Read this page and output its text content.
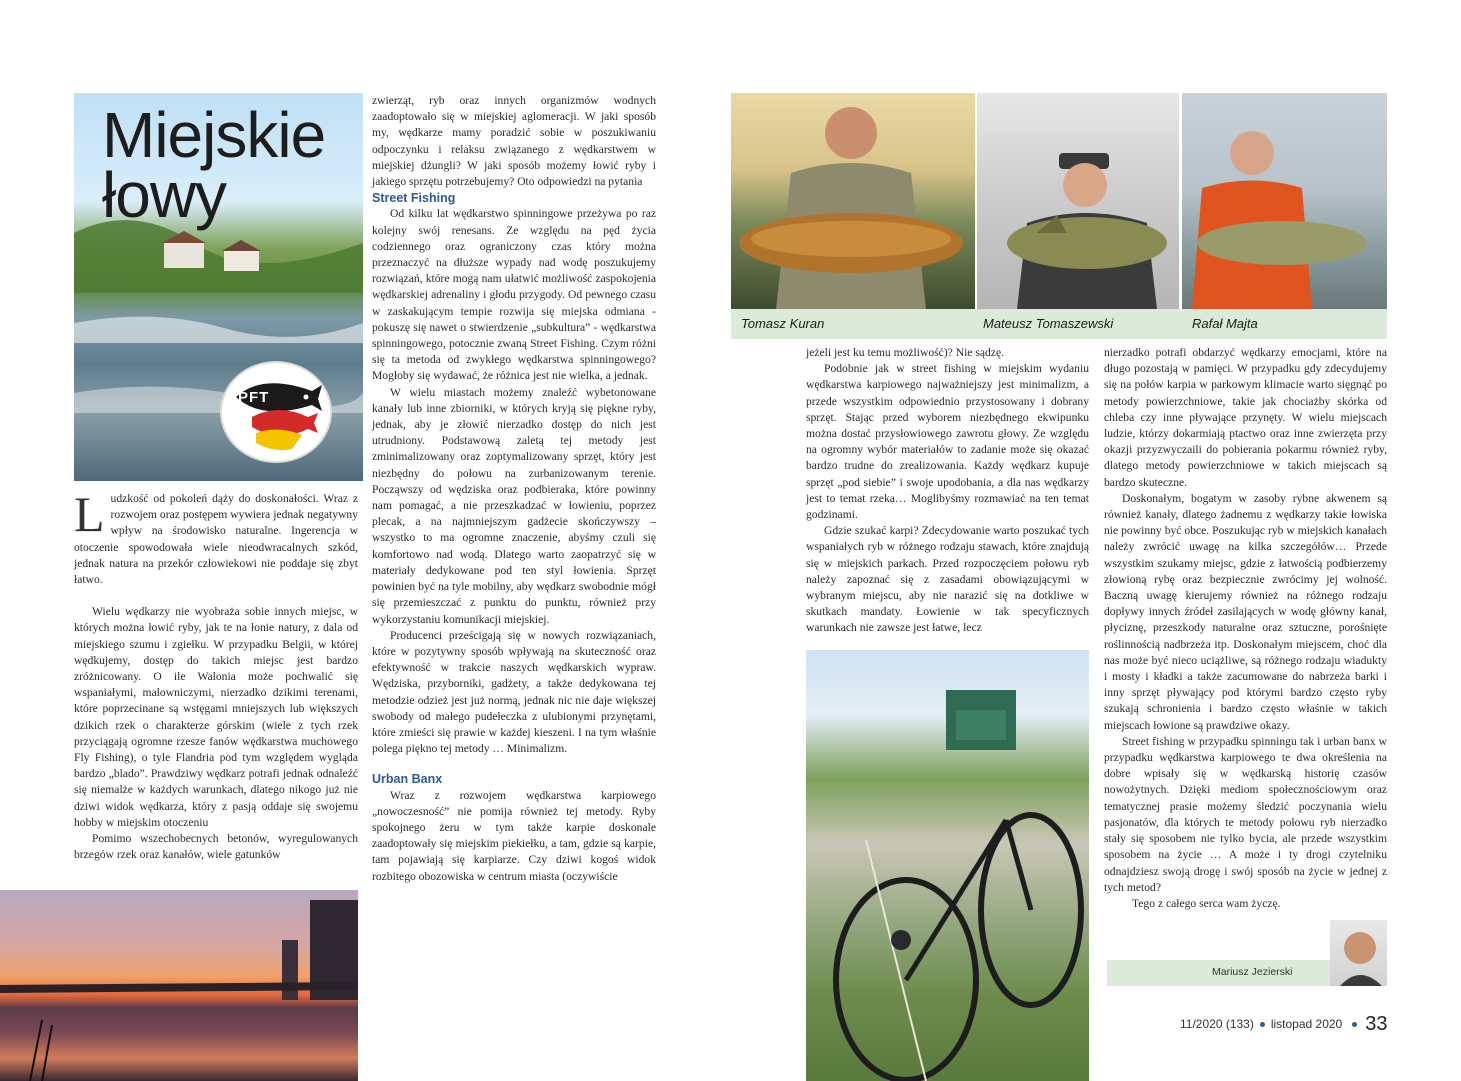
Miejskie
łowy
PFT

Ludzkość od pokoleń dąży do doskonałości. Wraz z rozwojem oraz postępem wywiera jednak negatywny wpływ na środowisko naturalne. Ingerencja w otoczenie spowodowała wiele nieodwracalnych szkód, jednak natura na przekór człowiekowi nie poddaje się zbyt łatwo.

Wielu wędkarzy nie wyobraża sobie innych miejsc, w których można łowić ryby, jak te na łonie natury, z dala od miejskiego szumu i zgiełku. W przypadku Belgii, w której wędkujemy, dostęp do takich miejsc jest bardzo zróżnicowany. O ile Walonia może pochwalić się wspaniałymi, malowniczymi, nierzadko dzikimi terenami, które poprzecinane są wstęgami mniejszych lub większych dzikich rzek o charakterze górskim (wiele z tych rzek przyciągają ogromne rzesze fanów wędkarstwa muchowego Fly Fishing), o tyle Flandria pod tym względem wygląda bardzo „blado”. Prawdziwy wędkarz potrafi jednak odnaleźć się niemalże w każdych warunkach, dlatego nikogo już nie dziwi widok wędkarza, który z pasją oddaje się swojemu hobby w miejskim otoczeniu

Pomimo wszechobecnych betonów, wyregulowanych brzegów rzek oraz kanałów, wiele gatunków

zwierząt, ryb oraz innych organizmów wodnych zaadoptowało się w miejskiej aglomeracji. W jaki sposób my, wędkarze mamy poradzić sobie w poszukiwaniu odpoczynku i relaksu związanego z wędkarstwem w miejskiej dżungli? W jaki sposób możemy łowić ryby i jakiego sprzętu potrzebujemy? Oto odpowiedzi na pytania

Street Fishing

Od kilku lat wędkarstwo spinningowe przeżywa po raz kolejny swój renesans. Ze względu na pęd życia codziennego oraz ograniczony czas który można przeznaczyć na dłuższe wypady nad wodę poszukujemy rozwiązań, które mogą nam ułatwić możliwość zaspokojenia wędkarskiej adrenaliny i głodu przygody. Od pewnego czasu w zaskakującym tempie rozwija się miejska odmiana - pokuszę się nawet o stwierdzenie „subkultura” - wędkarstwa spinningowego, potocznie zwaną Street Fishing. Czym różni się ta metoda od zwykłego wędkarstwa spinningowego? Mogłoby się wydawać, że różnica jest nie wielka, a jednak.

W wielu miastach możemy znaleźć wybetonowane kanały lub inne zbiorniki, w których kryją się piękne ryby, jednak, aby je złowić nierzadko dostęp do nich jest utrudniony. Podstawową zaletą tej metody jest zminimalizowany oraz zoptymalizowany sprzęt, który jest niezbędny do połowu na zurbanizowanym terenie. Począwszy od wędziska oraz podbieraka, które powinny nam pomagać, a nie przeszkadzać w łowieniu, poprzez plecak, a na najmniejszym gadżecie skończywszy – wszystko to ma ogromne znaczenie, abyśmy czuli się komfortowo nad wodą. Dlatego warto zaopatrzyć się w materiały dedykowane pod ten styl łowienia. Sprzęt powinien być na tyle mobilny, aby wędkarz swobodnie mógł się przemieszczać z punktu do punktu, również przy wykorzystaniu komunikacji miejskiej.

Producenci prześcigają się w nowych rozwiązaniach, które w pozytywny sposób wpływają na skuteczność oraz efektywność w trakcie naszych wędkarskich wypraw. Wędziska, przyborniki, gadżety, a także dedykowana tej metodzie odzież jest już normą, jednak nic nie daje większej swobody od małego pudełeczka z ulubionymi przynętami, które zmieści się prawie w każdej kieszeni. I na tym właśnie polega piękno tej metody … Minimalizm.

Urban Banx

Wraz z rozwojem wędkarstwa karpiowego „nowoczesność” nie pomija również tej metody. Ryby spokojnego żeru w tym także karpie doskonale zaadoptowały się miejskim piekiełku, a tam, gdzie są karpie, tam pojawiają się karpiarze. Czy dziwi kogoś widok rozbitego obozowiska w centrum miasta (oczywiście

Tomasz Kuran	Mateusz Tomaszewski	Rafał Majta

jeżeli jest ku temu możliwość)? Nie sądzę.

Podobnie jak w street fishing w miejskim wydaniu wędkarstwa karpiowego najważniejszy jest minimalizm, a przede wszystkim odpowiednio przystosowany i dobrany sprzęt. Stając przed wyborem niezbędnego ekwipunku można dostać przysłowiowego zawrotu głowy. Ze względu na ogromny wybór materiałów to zadanie może się okazać bardzo trudne do zrealizowania. Każdy wędkarz kupuje sprzęt „pod siebie” i swoje upodobania, a dla nas wędkarzy jest to temat rzeka… Moglibyśmy rozmawiać na ten temat godzinami.

Gdzie szukać karpi? Zdecydowanie warto poszukać tych wspaniałych ryb w różnego rodzaju stawach, które znajdują się w miejskich parkach. Przed rozpoczęciem połowu ryb należy zapoznać się z zasadami obowiązującymi w wybranym miejscu, aby nie narazić się na dotkliwe w skutkach mandaty. Łowienie w tak specyficznych warunkach nie zawsze jest łatwe, lecz

nierzadko potrafi obdarzyć wędkarzy emocjami, które na długo pozostają w pamięci. W przypadku gdy zdecydujemy się na połów karpia w parkowym klimacie warto sięgnąć po metody powierzchniowe, takie jak chociażby skórka od chleba czy inne pływające przynęty. W wielu miejscach ludzie, którzy dokarmiają ptactwo oraz inne zwierzęta przy okazji przyzwyczaili do pobierania pokarmu również ryby, dlatego metody powierzchniowe w takich miejscach są bardzo skuteczne.

Doskonałym, bogatym w zasoby rybne akwenem są również kanały, dlatego żadnemu z wędkarzy takie łowiska nie powinny być obce. Poszukując ryb w miejskich kanałach należy zwrócić uwagę na kilka szczegółów… Przede wszystkim szukamy miejsc, gdzie z łatwością podbierzemy złowioną rybę oraz bezpiecznie zwrócimy jej wolność. Baczną uwagę kierujemy również na różnego rodzaju dopływy innych źródeł zasilających w wodę główny kanał, płyciznę, przeszkody naturalne oraz sztuczne, porośnięte roślinnością nadbrzeża itp. Doskonałym miejscem, choć dla nas może być nieco uciążliwe, są różnego rodzaju wiadukty i mosty i kładki a także zacumowane do nabrzeża barki i inny sprzęt pływający pod którymi bardzo często ryby szukają schronienia i bardzo często właśnie w takich miejscach łowione są prawdziwe okazy.

Street fishing w przypadku spinningu tak i urban banx w przypadku wędkarstwa karpiowego te dwa określenia na dobre wpisały się w wędkarską historię czasów nowożytnych. Dzięki mediom społecznościowym oraz tematycznej prasie możemy śledzić poczynania wielu pasjonatów, dla których te metody połowu ryb nierzadko stały się sposobem nie tylko bycia, ale przede wszystkim sposobem na życie … A może i ty drogi czytelniku odnajdziesz swoją drogę i swój sposób na życie w jednej z tych metod?

Tego z całego serca wam życzę.

Mariusz Jezierski
11/2020 (133) listopad 2020 33
